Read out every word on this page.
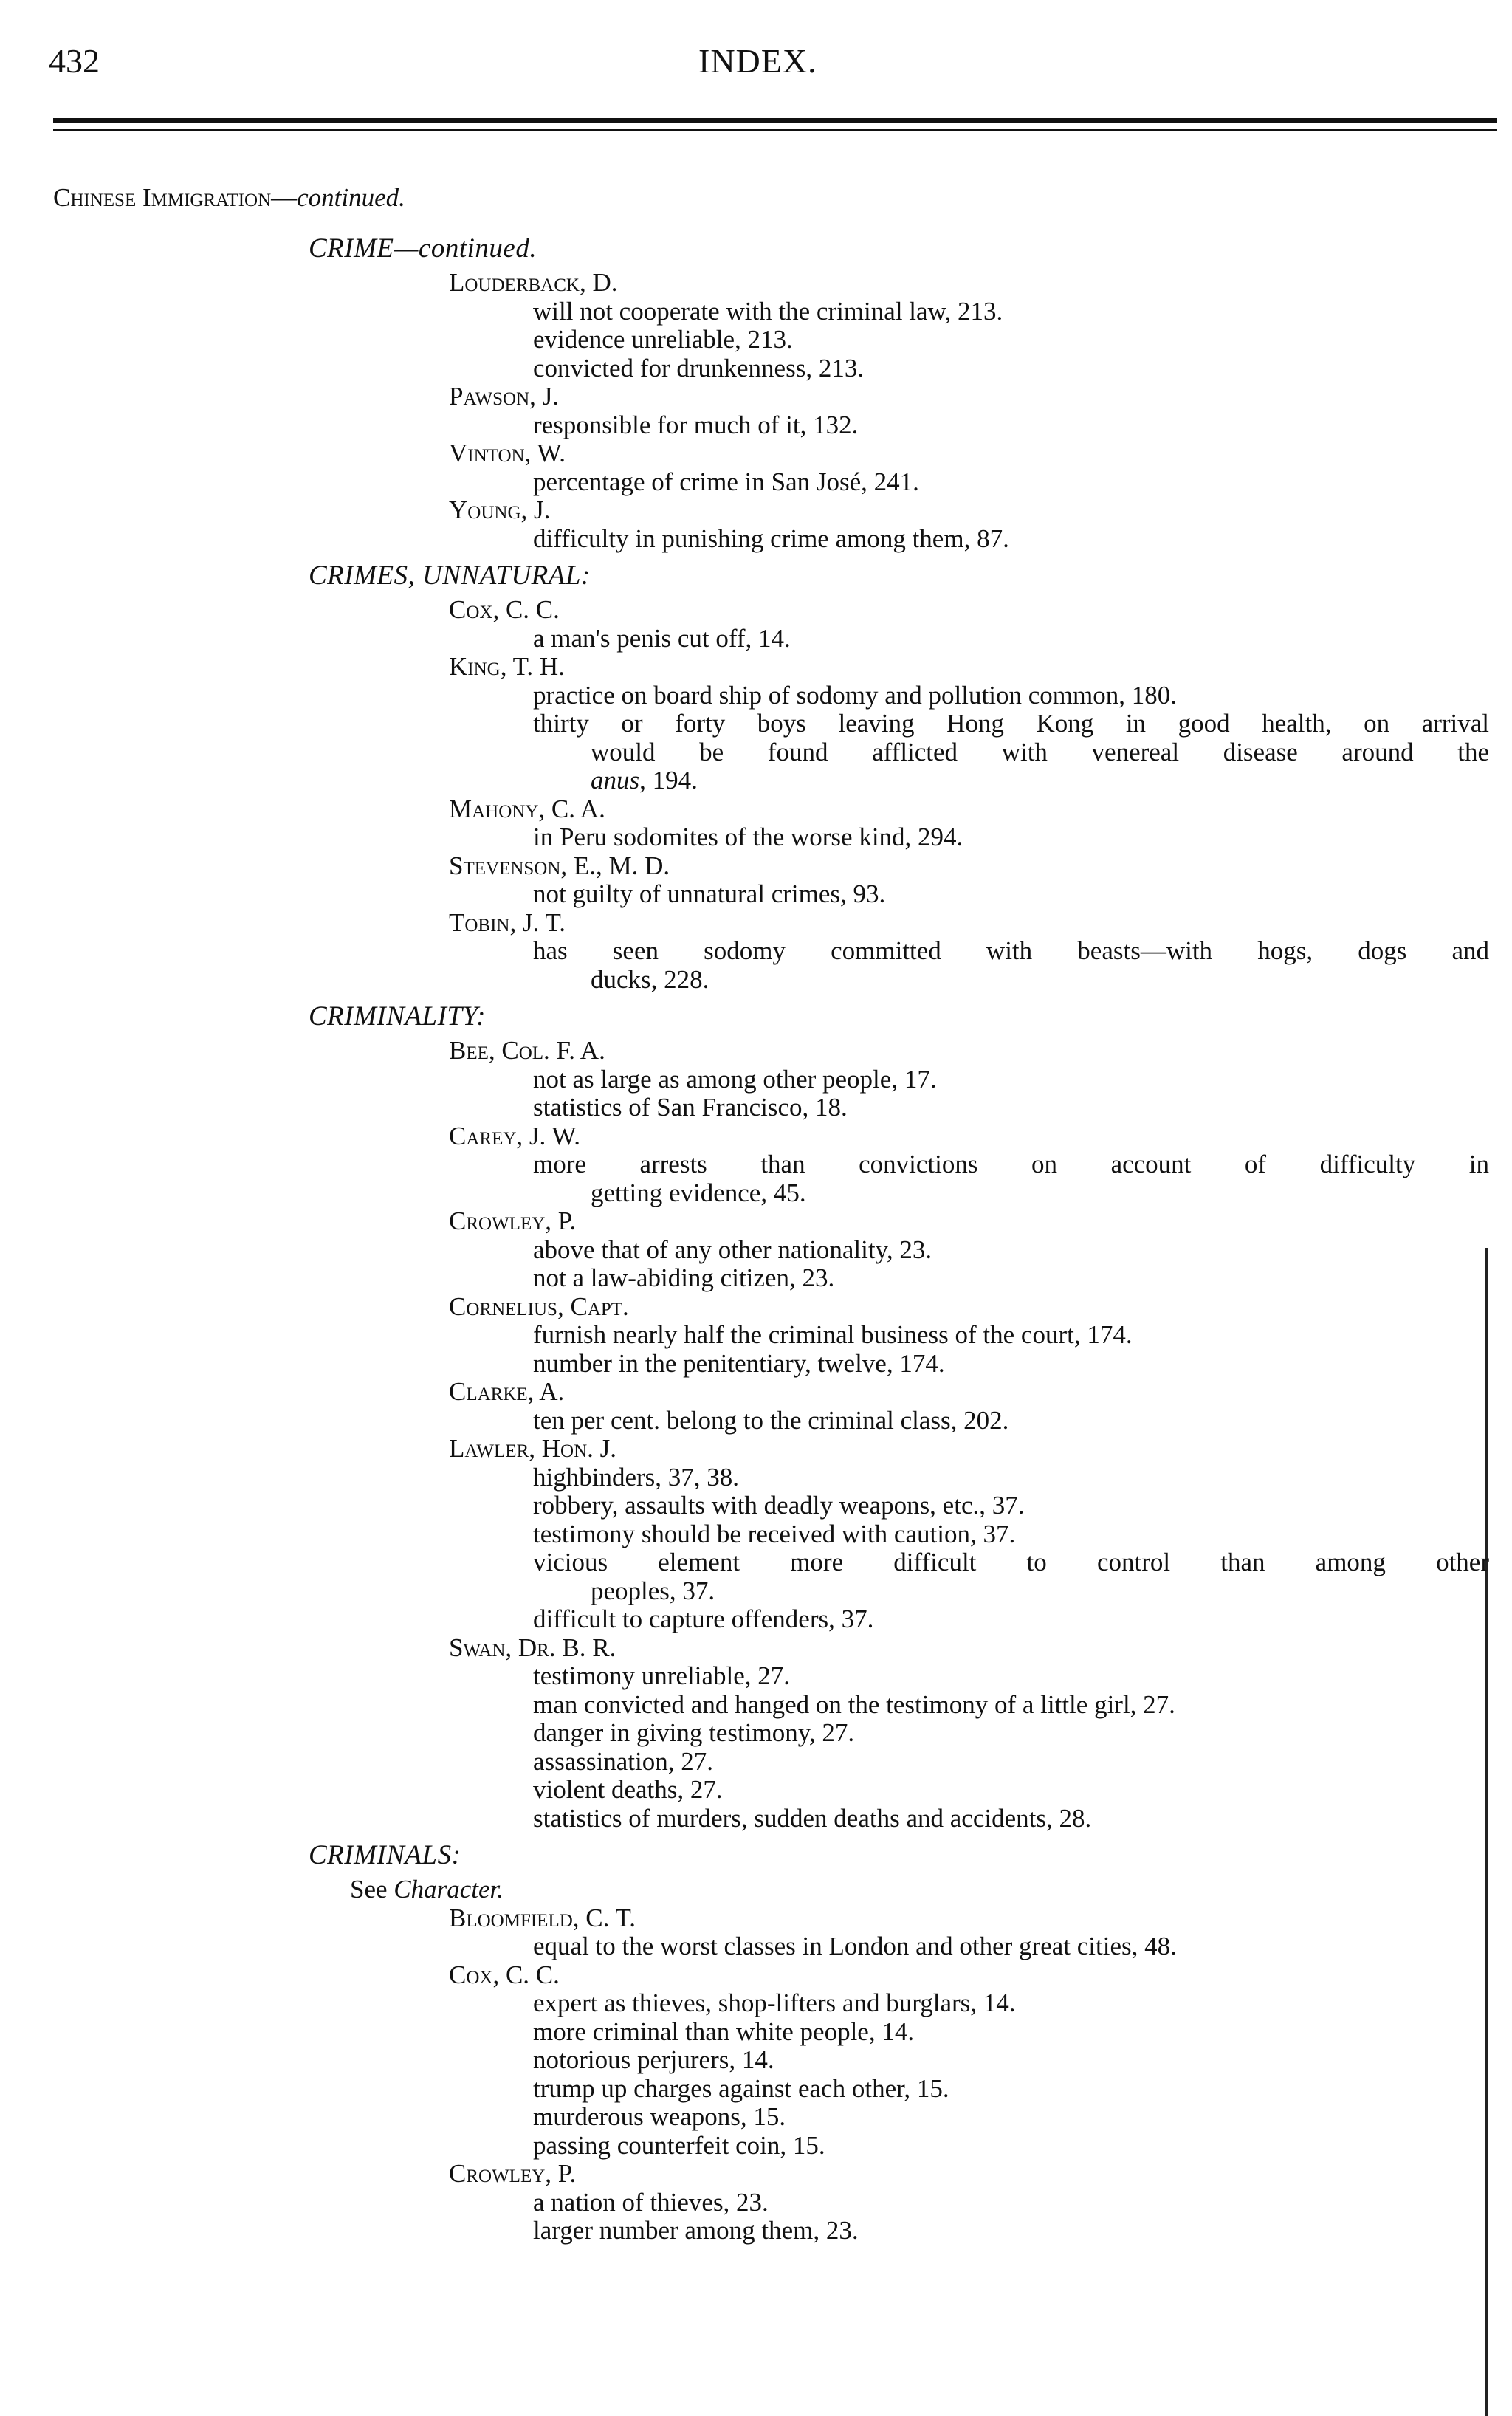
432	INDEX.
Chinese Immigration—continued.
CRIME—continued.
Louderback, D.
will not cooperate with the criminal law, 213.
evidence unreliable, 213.
convicted for drunkenness, 213.
Pawson, J.
responsible for much of it, 132.
Vinton, W.
percentage of crime in San José, 241.
Young, J.
difficulty in punishing crime among them, 87.
CRIMES, UNNATURAL:
Cox, C. C.
a man's penis cut off, 14.
King, T. H.
practice on board ship of sodomy and pollution common, 180.
thirty or forty boys leaving Hong Kong in good health, on arrival
would be found afflicted with venereal disease around the
anus, 194.
Mahony, C. A.
in Peru sodomites of the worse kind, 294.
Stevenson, E., M. D.
not guilty of unnatural crimes, 93.
Tobin, J. T.
has seen sodomy committed with beasts—with hogs, dogs and
ducks, 228.
CRIMINALITY:
Bee, Col. F. A.
not as large as among other people, 17.
statistics of San Francisco, 18.
Carey, J. W.
more arrests than convictions on account of difficulty in
getting evidence, 45.
Crowley, P.
above that of any other nationality, 23.
not a law-abiding citizen, 23.
Cornelius, Capt.
furnish nearly half the criminal business of the court, 174.
number in the penitentiary, twelve, 174.
Clarke, A.
ten per cent. belong to the criminal class, 202.
Lawler, Hon. J.
highbinders, 37, 38.
robbery, assaults with deadly weapons, etc., 37.
testimony should be received with caution, 37.
vicious element more difficult to control than among other
peoples, 37.
difficult to capture offenders, 37.
Swan, Dr. B. R.
testimony unreliable, 27.
man convicted and hanged on the testimony of a little girl, 27.
danger in giving testimony, 27.
assassination, 27.
violent deaths, 27.
statistics of murders, sudden deaths and accidents, 28.
CRIMINALS:
See Character.
Bloomfield, C. T.
equal to the worst classes in London and other great cities, 48.
Cox, C. C.
expert as thieves, shop-lifters and burglars, 14.
more criminal than white people, 14.
notorious perjurers, 14.
trump up charges against each other, 15.
murderous weapons, 15.
passing counterfeit coin, 15.
Crowley, P.
a nation of thieves, 23.
larger number among them, 23.
